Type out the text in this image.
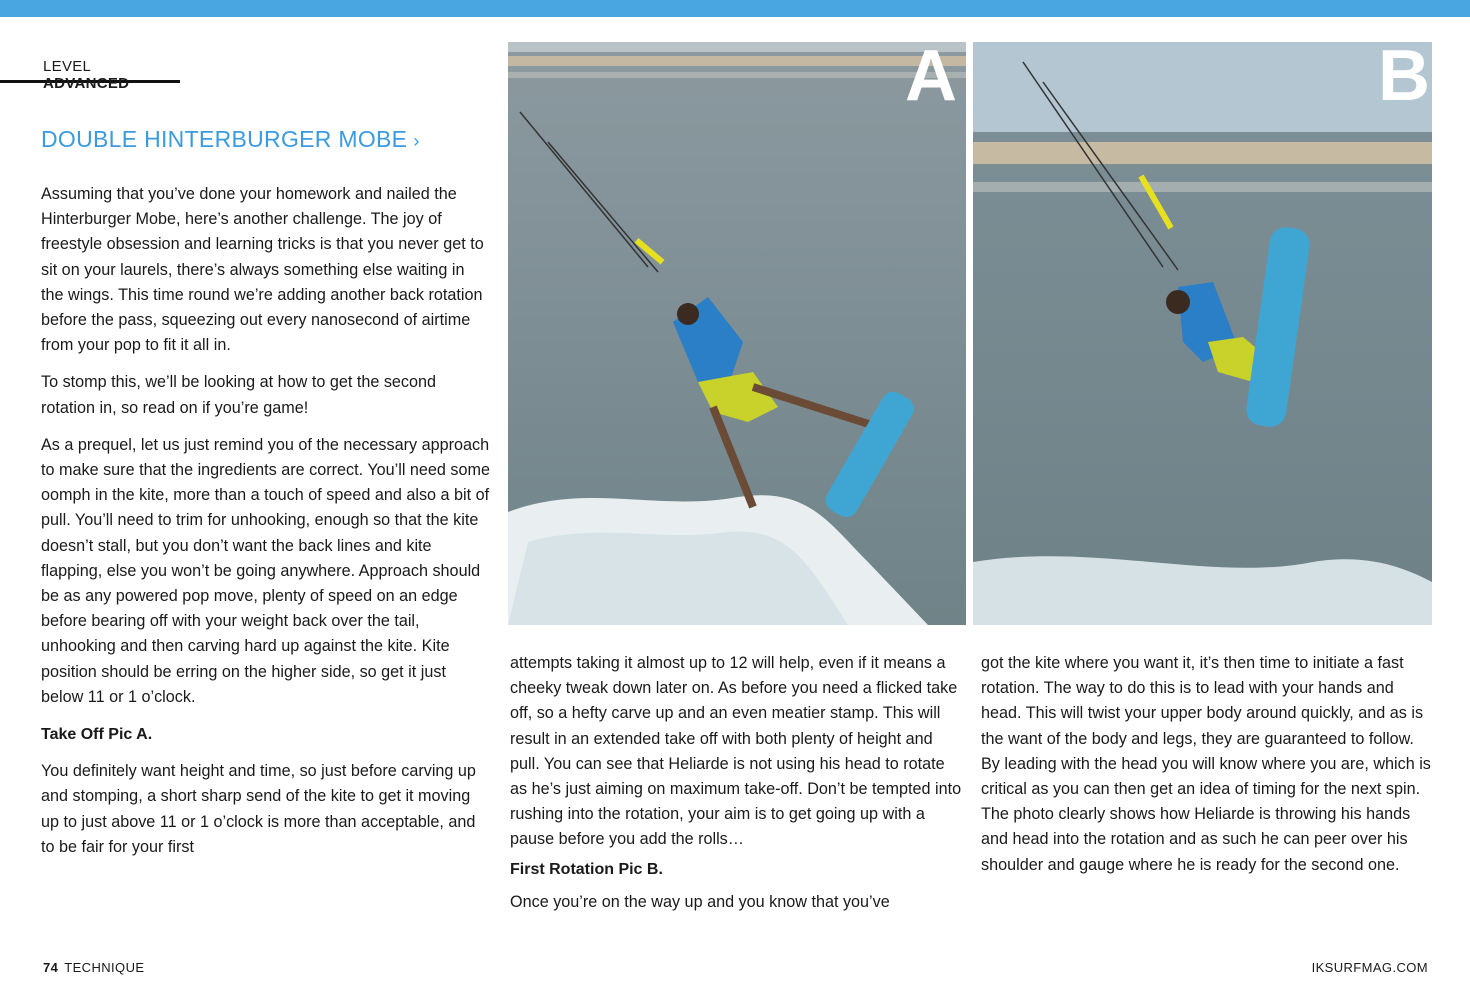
LEVEL ADVANCED
DOUBLE HINTERBURGER MOBE ›

Assuming that you’ve done your homework and nailed the Hinterburger Mobe, here’s another challenge. The joy of freestyle obsession and learning tricks is that you never get to sit on your laurels, there’s always something else waiting in the wings. This time round we’re adding another back rotation before the pass, squeezing out every nanosecond of airtime from your pop to fit it all in.

To stomp this, we’ll be looking at how to get the second rotation in, so read on if you’re game!

As a prequel, let us just remind you of the necessary approach to make sure that the ingredients are correct. You’ll need some oomph in the kite, more than a touch of speed and also a bit of pull. You’ll need to trim for unhooking, enough so that the kite doesn’t stall, but you don’t want the back lines and kite flapping, else you won’t be going anywhere. Approach should be as any powered pop move, plenty of speed on an edge before bearing off with your weight back over the tail, unhooking and then carving hard up against the kite. Kite position should be erring on the higher side, so get it just below 11 or 1 o’clock.

Take Off Pic A.

You definitely want height and time, so just before carving up and stomping, a short sharp send of the kite to get it moving up to just above 11 or 1 o’clock is more than acceptable, and to be fair for your first

A	B

attempts taking it almost up to 12 will help, even if it means a cheeky tweak down later on. As before you need a flicked take off, so a hefty carve up and an even meatier stamp. This will result in an extended take off with both plenty of height and pull. You can see that Heliarde is not using his head to rotate as he’s just aiming on maximum take-off. Don’t be tempted into rushing into the rotation, your aim is to get going up with a pause before you add the rolls…

First Rotation Pic B.

Once you’re on the way up and you know that you’ve

got the kite where you want it, it’s then time to initiate a fast rotation. The way to do this is to lead with your hands and head. This will twist your upper body around quickly, and as is the want of the body and legs, they are guaranteed to follow. By leading with the head you will know where you are, which is critical as you can then get an idea of timing for the next spin. The photo clearly shows how Heliarde is throwing his hands and head into the rotation and as such he can peer over his shoulder and gauge where he is ready for the second one.

74 TECHNIQUE	IKSURFMAG.COM
